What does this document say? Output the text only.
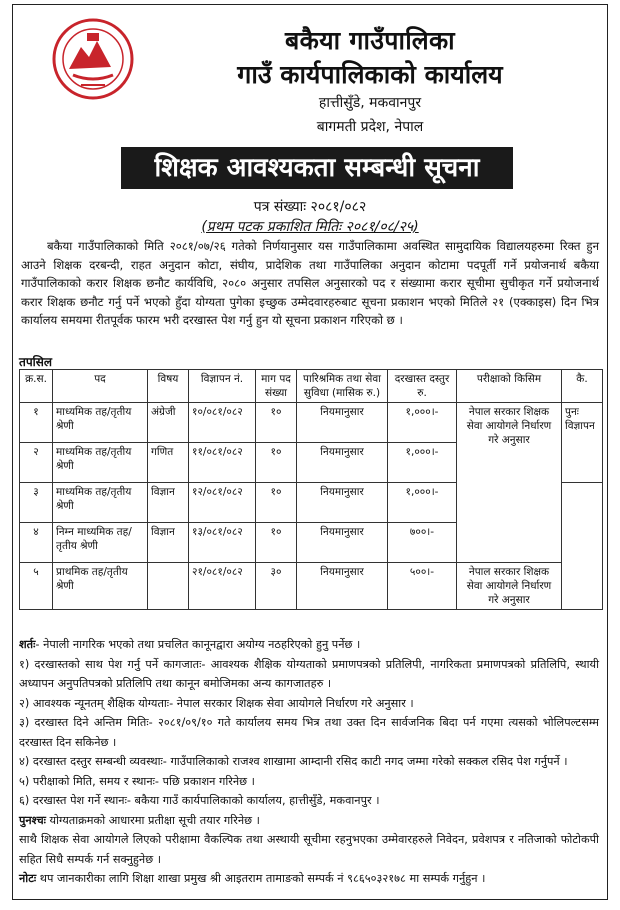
बकैया गाउँपालिका
गाउँ कार्यपालिकाको कार्यालय
हात्तीसुँडे, मकवानपुर
बागमती प्रदेश, नेपाल
शिक्षक आवश्यकता सम्बन्धी सूचना
पत्र संख्याः २०८१/०८२
(प्रथम पटक प्रकाशित मितिः २०८१/०८/२५)
बकैया गाउँपालिकाको मिति २०८१/०७/२६ गतेको निर्णयानुसार यस गाउँपालिकामा अवस्थित सामुदायिक विद्यालयहरुमा रिक्त हुन आउने शिक्षक दरबन्दी, राहत अनुदान कोटा, संघीय, प्रादेशिक तथा गाउँपालिका अनुदान कोटामा पदपूर्ती गर्ने प्रयोजनार्थ बकैया गाउँपालिकाको करार शिक्षक छनौट कार्यविधि, २०८० अनुसार तपसिल अनुसारको पद र संख्यामा करार सूचीमा सुचीकृत गर्ने प्रयोजनार्थ करार शिक्षक छनौट गर्नु पर्ने भएको हुँदा योग्यता पुगेका इच्छुक उम्मेदवारहरुबाट सूचना प्रकाशन भएको मितिले २१ (एक्काइस) दिन भित्र कार्यालय समयमा रीतपूर्वक फारम भरी दरखास्त पेश गर्नु हुन यो सूचना प्रकाशन गरिएको छ ।
तपसिल
क्र.स.	पद	विषय	विज्ञापन नं.	माग पद संख्या	पारिश्रमिक तथा सेवा सुविधा (मासिक रु.)	दरखास्त दस्तुर रु.	परीक्षाको किसिम	कै.
१	माध्यमिक तह/तृतीय श्रेणी	अंग्रेजी	१०/०८१/०८२	१०	नियमानुसार	१,०००।-	नेपाल सरकार शिक्षक सेवा आयोगले निर्धारण गरे अनुसार	पुनः विज्ञापन
२	माध्यमिक तह/तृतीय श्रेणी	गणित	११/०८१/०८२	१०	नियमानुसार	१,०००।-		
३	माध्यमिक तह/तृतीय श्रेणी	विज्ञान	१२/०८१/०८२	१०	नियमानुसार	१,०००।-		
४	निम्न माध्यमिक तह/तृतीय श्रेणी	विज्ञान	१३/०८१/०८२	१०	नियमानुसार	७००।-		
५	प्राथमिक तह/तृतीय श्रेणी		२१/०८१/०८२	३०	नियमानुसार	५००।-	नेपाल सरकार शिक्षक सेवा आयोगले निर्धारण गरे अनुसार	

शर्तः- नेपाली नागरिक भएको तथा प्रचलित कानूनद्वारा अयोग्य नठहरिएको हुनु पर्नेछ ।

१) दरखास्तको साथ पेश गर्नु पर्ने कागजातः- आवश्यक शैक्षिक योग्यताको प्रमाणपत्रको प्रतिलिपी, नागरिकता प्रमाणपत्रको प्रतिलिपि, स्थायी अध्यापन अनुपतिपत्रको प्रतिलिपि तथा कानून बमोजिमका अन्य कागजातहरु ।

२) आवश्यक न्यूनतम् शैक्षिक योग्यताः- नेपाल सरकार शिक्षक सेवा आयोगले निर्धारण गरे अनुसार ।

३) दरखास्त दिने अन्तिम मितिः- २०८१/०९/१० गते कार्यालय समय भित्र तथा उक्त दिन सार्वजनिक बिदा पर्न गएमा त्यसको भोलिपल्टसम्म दरखास्त दिन सकिनेछ ।

४) दरखास्त दस्तुर सम्बन्धी व्यवस्थाः- गाउँपालिकाको राजश्व शाखामा आम्दानी रसिद काटी नगद जम्मा गरेको सक्कल रसिद पेश गर्नुपर्ने ।

५) परीक्षाको मिति, समय र स्थानः- पछि प्रकाशन गरिनेछ ।

६) दरखास्त पेश गर्ने स्थानः- बकैया गाउँ कार्यपालिकाको कार्यालय, हात्तीसुँडे, मकवानपुर ।

पुनश्चः योग्यताक्रमको आधारमा प्रतीक्षा सूची तयार गरिनेछ ।

साथै शिक्षक सेवा आयोगले लिएको परीक्षामा वैकल्पिक तथा अस्थायी सूचीमा रहनुभएका उम्मेवारहरुले निवेदन, प्रवेशपत्र र नतिजाको फोटोकपी सहित सिधै सम्पर्क गर्न सक्नुहुनेछ ।

नोटः थप जानकारीका लागि शिक्षा शाखा प्रमुख श्री आइतराम तामाङको सम्पर्क नं ९८६५०३२१७८ मा सम्पर्क गर्नुहुन ।
